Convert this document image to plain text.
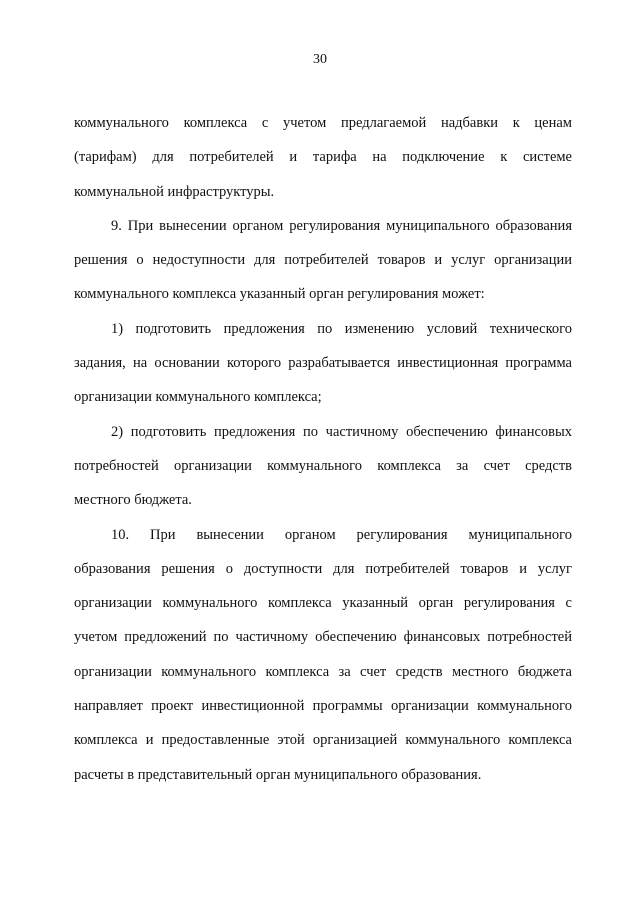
30
коммунального комплекса с учетом предлагаемой надбавки к ценам
(тарифам) для потребителей и тарифа на подключение к системе
коммунальной инфраструктуры.
9. При вынесении органом регулирования муниципального образования
решения о недоступности для потребителей товаров и услуг организации
коммунального комплекса указанный орган регулирования может:
1) подготовить предложения по изменению условий технического
задания, на основании которого разрабатывается инвестиционная программа
организации коммунального комплекса;
2) подготовить предложения по частичному обеспечению финансовых
потребностей организации коммунального комплекса за счет средств
местного бюджета.
10. При вынесении органом регулирования муниципального
образования решения о доступности для потребителей товаров и услуг
организации коммунального комплекса указанный орган регулирования с
учетом предложений по частичному обеспечению финансовых потребностей
организации коммунального комплекса за счет средств местного бюджета
направляет проект инвестиционной программы организации коммунального
комплекса и предоставленные этой организацией коммунального комплекса
расчеты в представительный орган муниципального образования.
